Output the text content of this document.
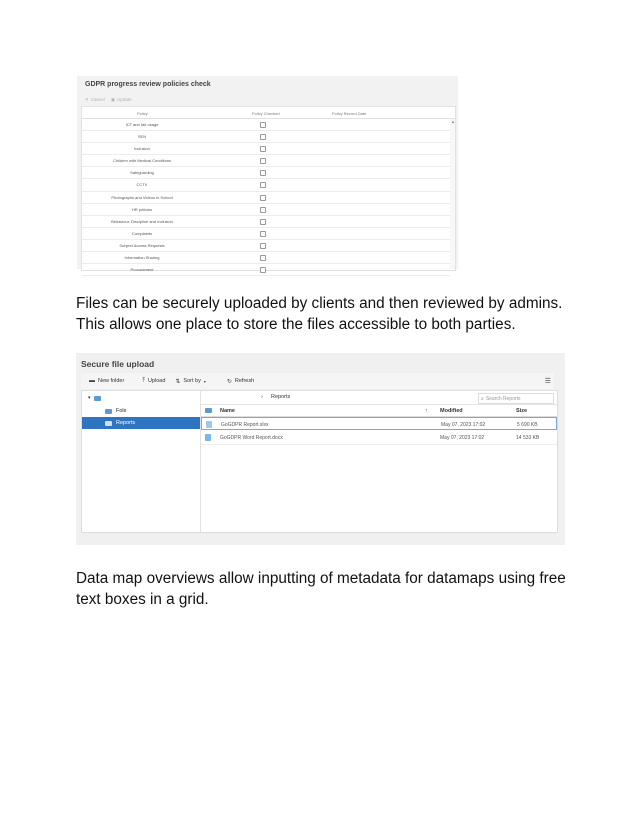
GDPR progress review policies check
✕ Cancel ▣ Update
Policy	Policy Checked	Policy Record Date
ICT and fair usage
SEN
Inclusion
Children with Medical Conditions
Safeguarding
CCTV
Photographs and Videos in School
HR policies
Behaviour, Discipline and Inclusion
Complaints
Subject Access Requests
Information Sharing
Procurement
▲

Files can be securely uploaded by clients and then reviewed by admins. This allows one place to store the files accessible to both parties.

Secure file upload
▬ New folder	⤒ Upload ⇅ Sort by ▾	↻ Refresh	☰
▾
Fols
Reports
› Reports	⌕ Search Reports
Name	↑ Modified	Size
GoGDPR Report.xlsx	May 07, 2023 17:02	5 690 KB
GoGDPR Word Report.docx	May 07, 2023 17:02	14 533 KB

Data map overviews allow inputting of metadata for datamaps using free text boxes in a grid.
